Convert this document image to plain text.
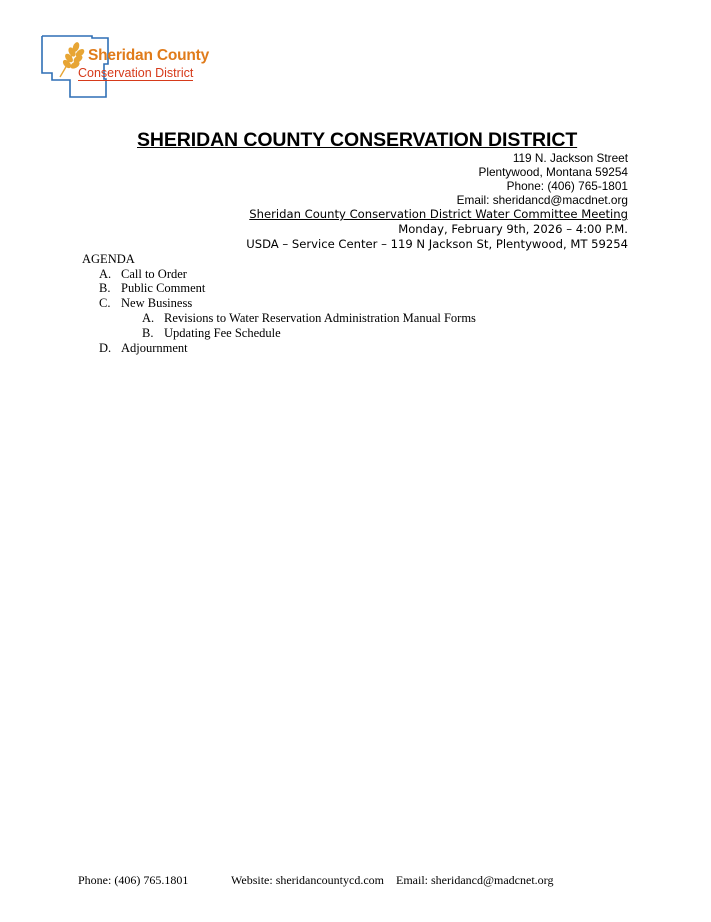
Sheridan County
Conservation District
SHERIDAN COUNTY CONSERVATION DISTRICT
119 N. Jackson Street
Plentywood, Montana 59254
Phone: (406) 765-1801
Email: sheridancd@macdnet.org
Sheridan County Conservation District Water Committee Meeting
Monday, February 9th, 2026 – 4:00 P.M.
USDA – Service Center – 119 N Jackson St, Plentywood, MT 59254
AGENDA
A. Call to Order
B. Public Comment
C. New Business
A. Revisions to Water Reservation Administration Manual Forms
B. Updating Fee Schedule
D. Adjournment
Phone: (406) 765.1801	Website: sheridancountycd.com Email: sheridancd@madcnet.org
